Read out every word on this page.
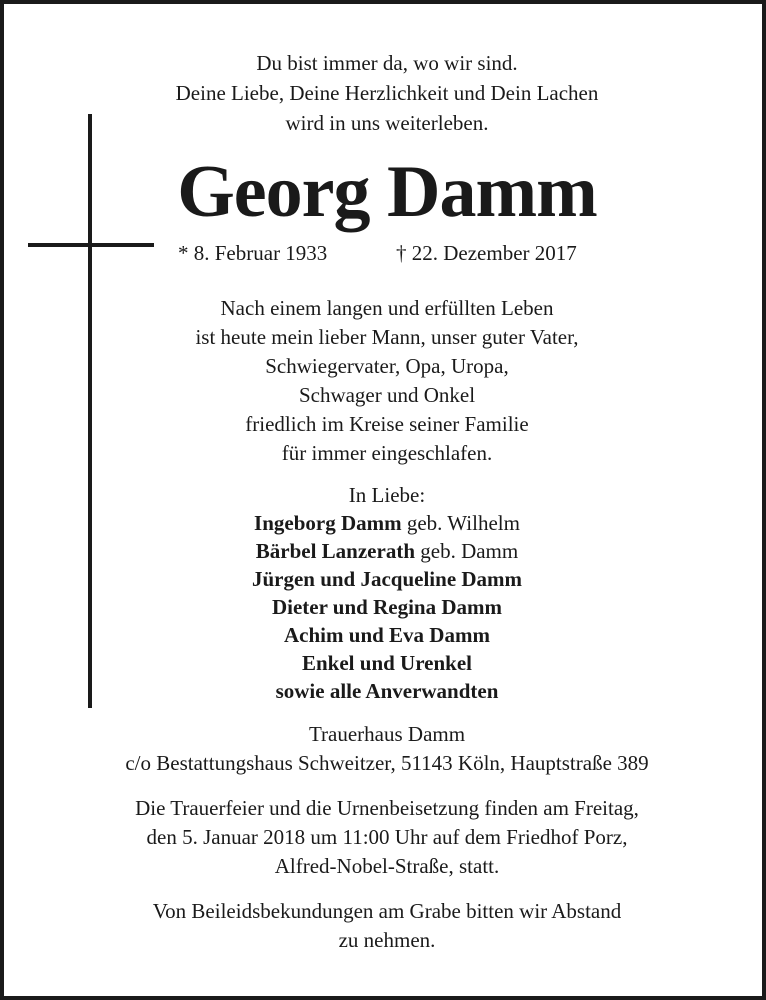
Du bist immer da, wo wir sind.
Deine Liebe, Deine Herzlichkeit und Dein Lachen
wird in uns weiterleben.
Georg Damm
* 8. Februar 1933	† 22. Dezember 2017
Nach einem langen und erfüllten Leben
ist heute mein lieber Mann, unser guter Vater,
Schwiegervater, Opa, Uropa,
Schwager und Onkel
friedlich im Kreise seiner Familie
für immer eingeschlafen.
In Liebe:
Ingeborg Damm geb. Wilhelm
Bärbel Lanzerath geb. Damm
Jürgen und Jacqueline Damm
Dieter und Regina Damm
Achim und Eva Damm
Enkel und Urenkel
sowie alle Anverwandten
Trauerhaus Damm
c/o Bestattungshaus Schweitzer, 51143 Köln, Hauptstraße 389
Die Trauerfeier und die Urnenbeisetzung finden am Freitag,
den 5. Januar 2018 um 11:00 Uhr auf dem Friedhof Porz,
Alfred-Nobel-Straße, statt.
Von Beileidsbekundungen am Grabe bitten wir Abstand
zu nehmen.
